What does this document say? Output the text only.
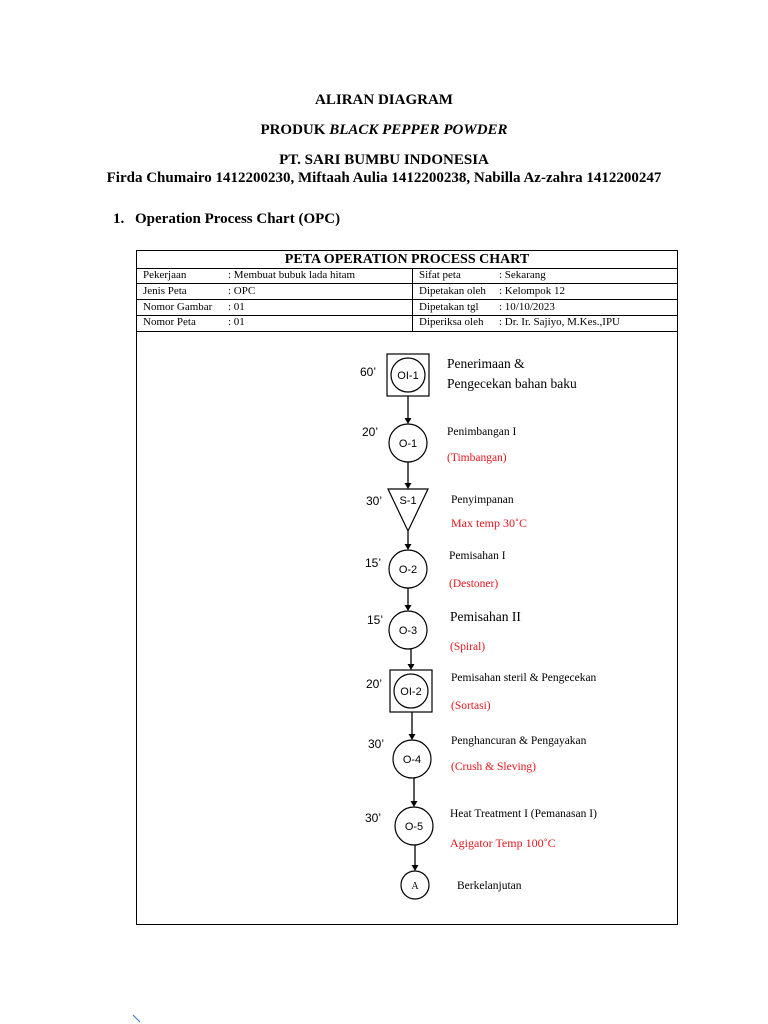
ALIRAN DIAGRAM
PRODUK BLACK PEPPER POWDER
PT. SARI BUMBU INDONESIA
Firda Chumairo 1412200230, Miftaah Aulia 1412200238, Nabilla Az-zahra 1412200247
1. Operation Process Chart (OPC)
PETA OPERATION PROCESS CHART
Pekerjaan	: Membuat bubuk lada hitam	Sifat peta	: Sekarang
Jenis Peta	: OPC	Dipetakan oleh : Kelompok 12
Nomor Gambar : 01	Dipetakan tgl : 10/10/2023
Nomor Peta	: 01	Diperiksa oleh : Dr. Ir. Sajiyo, M.Kes.,IPU
OI-1
60’
Penerimaan &
Pengecekan bahan baku
O-1
20’	Penimbangan I
(Timbangan)
S-1
30’	Penyimpanan
Max temp 30˚C
O-2
15’	Pemisahan I
(Destoner)
O-3
15’	Pemisahan II
(Spiral)
OI-2
20’	Pemisahan steril & Pengecekan
(Sortasi)
O-4
30’	Penghancuran & Pengayakan
(Crush & Sleving)
O-5
30’	Heat Treatment I (Pemanasan I)
Agigator Temp 100˚C
A	Berkelanjutan
